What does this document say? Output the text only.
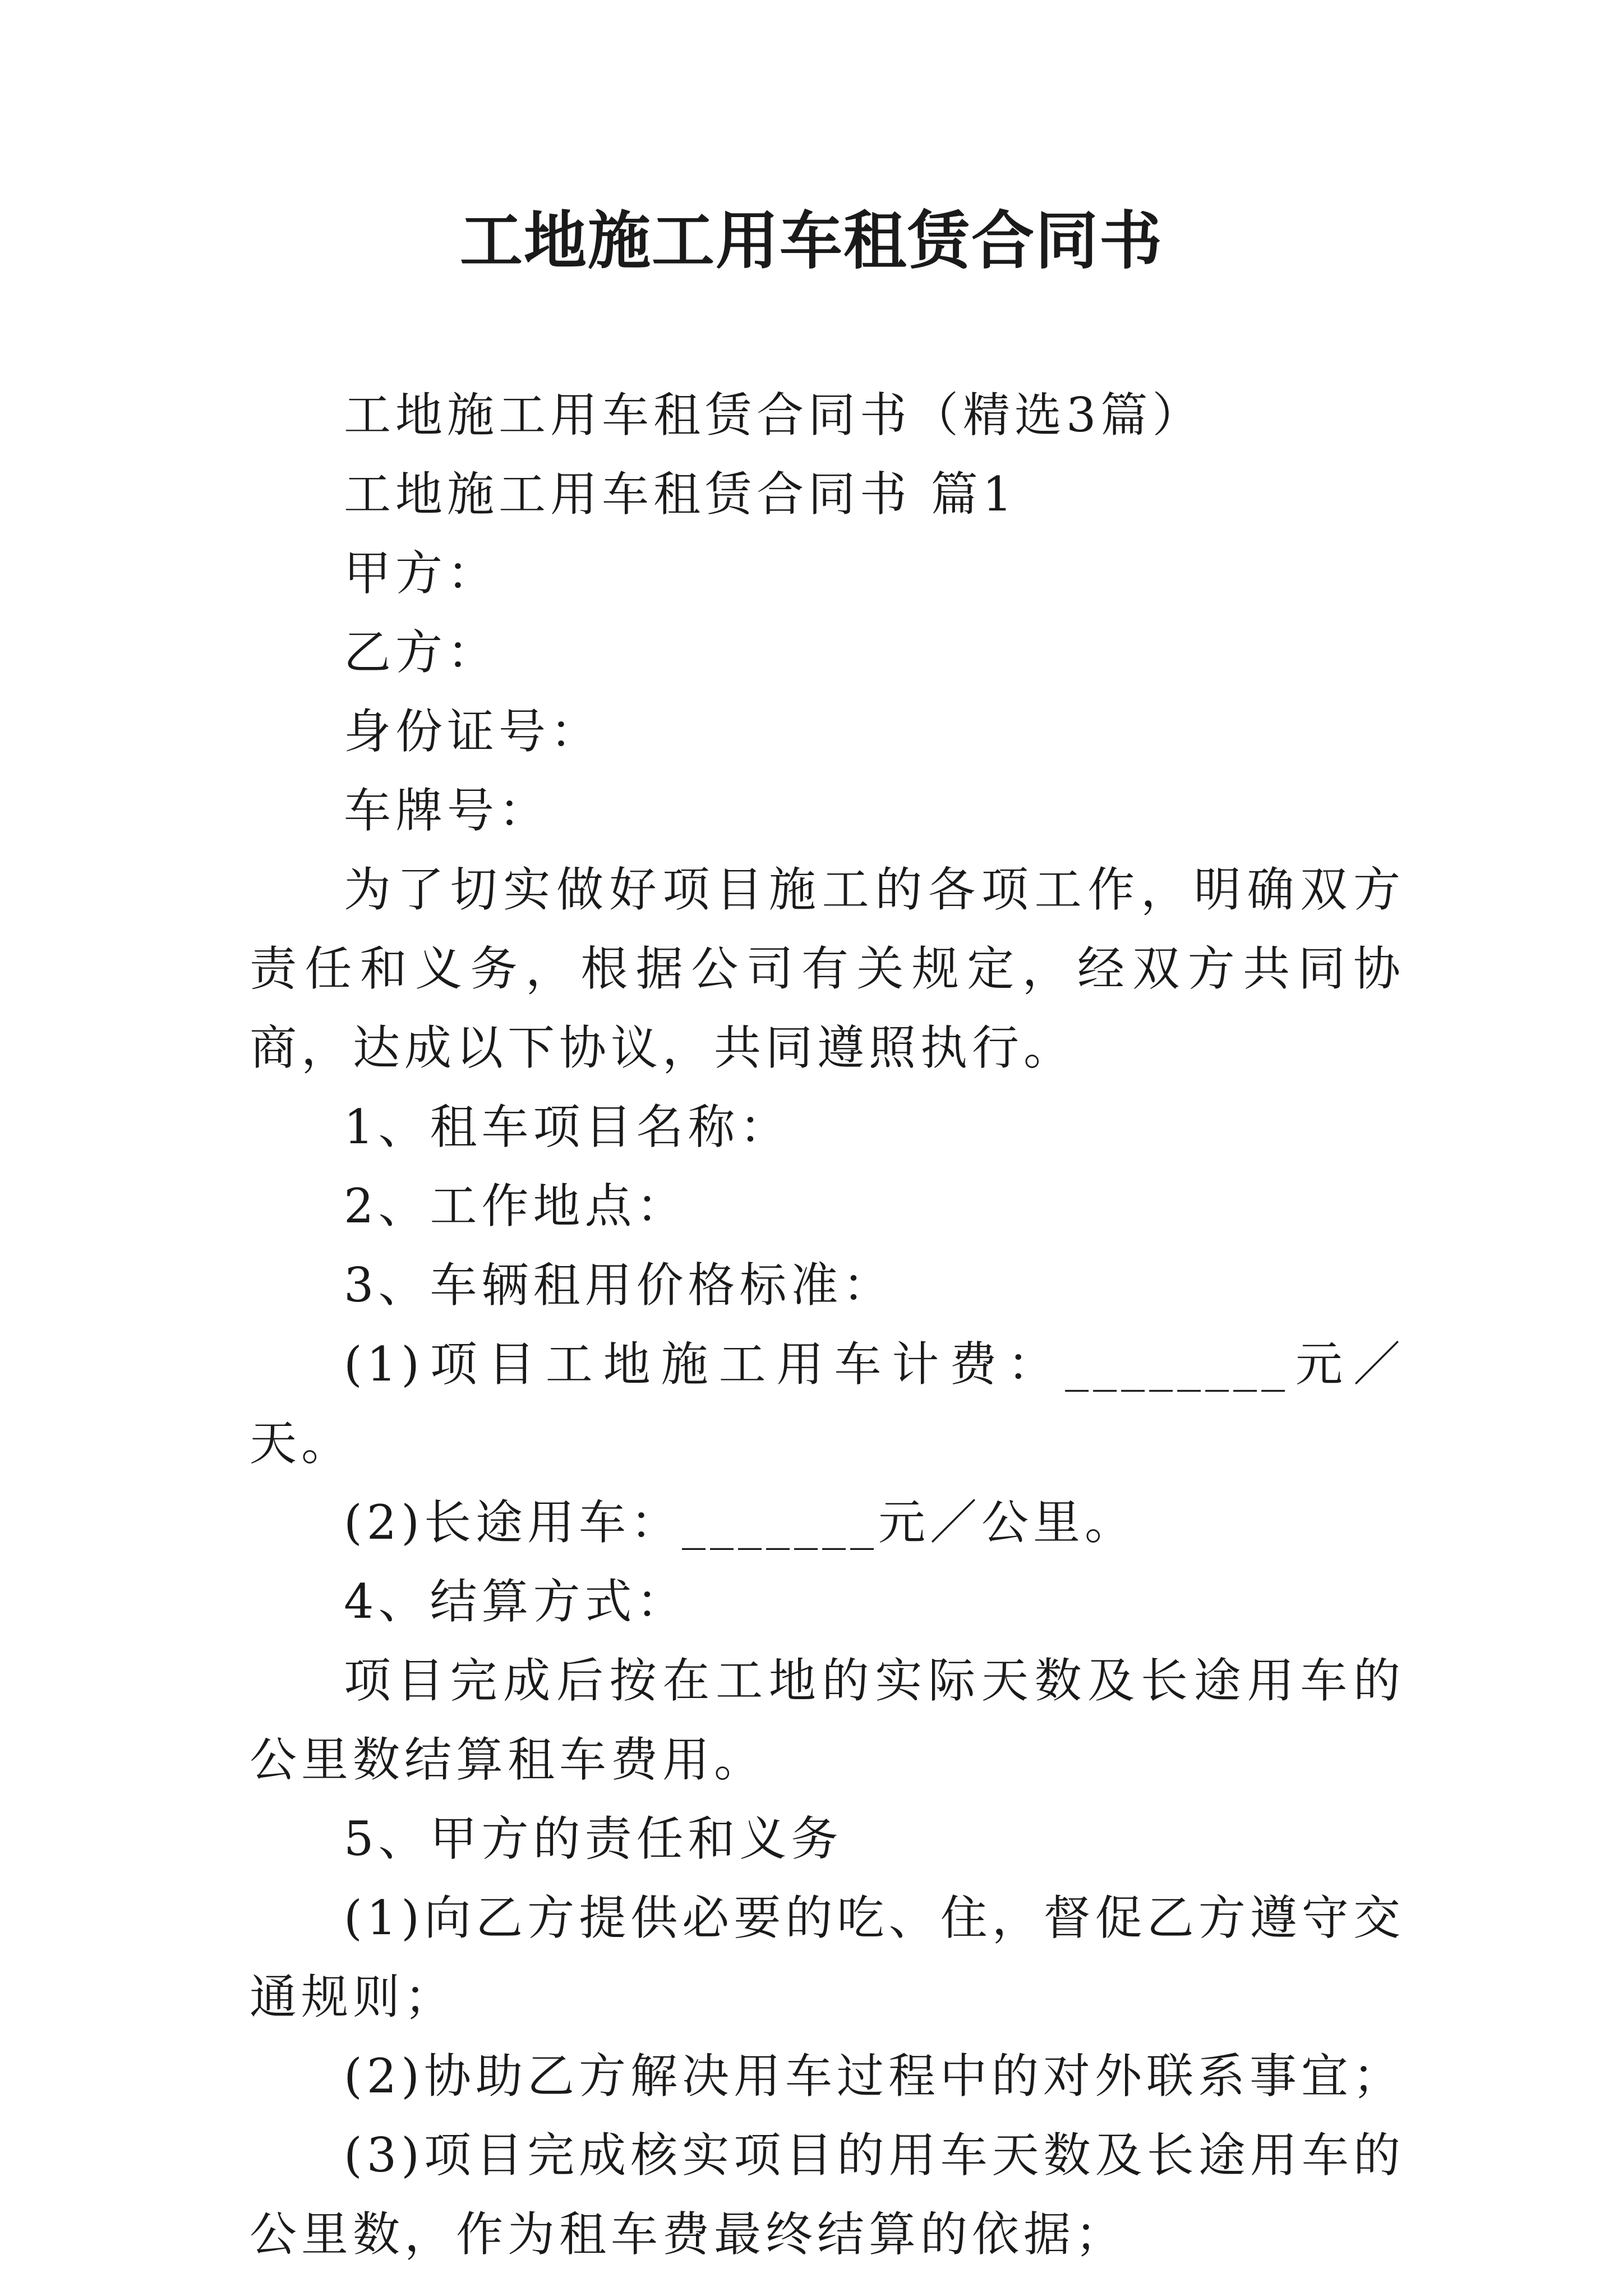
工地施工用车租赁合同书

工地施工用车租赁合同书（精选3篇）

工地施工用车租赁合同书 篇1

甲方：

乙方：

身份证号：

车牌号：

为了切实做好项目施工的各项工作，明确双方责任和义务，根据公司有关规定，经双方共同协商，达成以下协议，共同遵照执行。

1、租车项目名称：

2、工作地点：

3、车辆租用价格标准：

(1)项目工地施工用车计费：________元／天。

(2)长途用车：_______元／公里。

4、结算方式：

项目完成后按在工地的实际天数及长途用车的公里数结算租车费用。

5、甲方的责任和义务

(1)向乙方提供必要的吃、住，督促乙方遵守交通规则；

(2)协助乙方解决用车过程中的对外联系事宜；

(3)项目完成核实项目的用车天数及长途用车的公里数，作为租车费最终结算的依据；
